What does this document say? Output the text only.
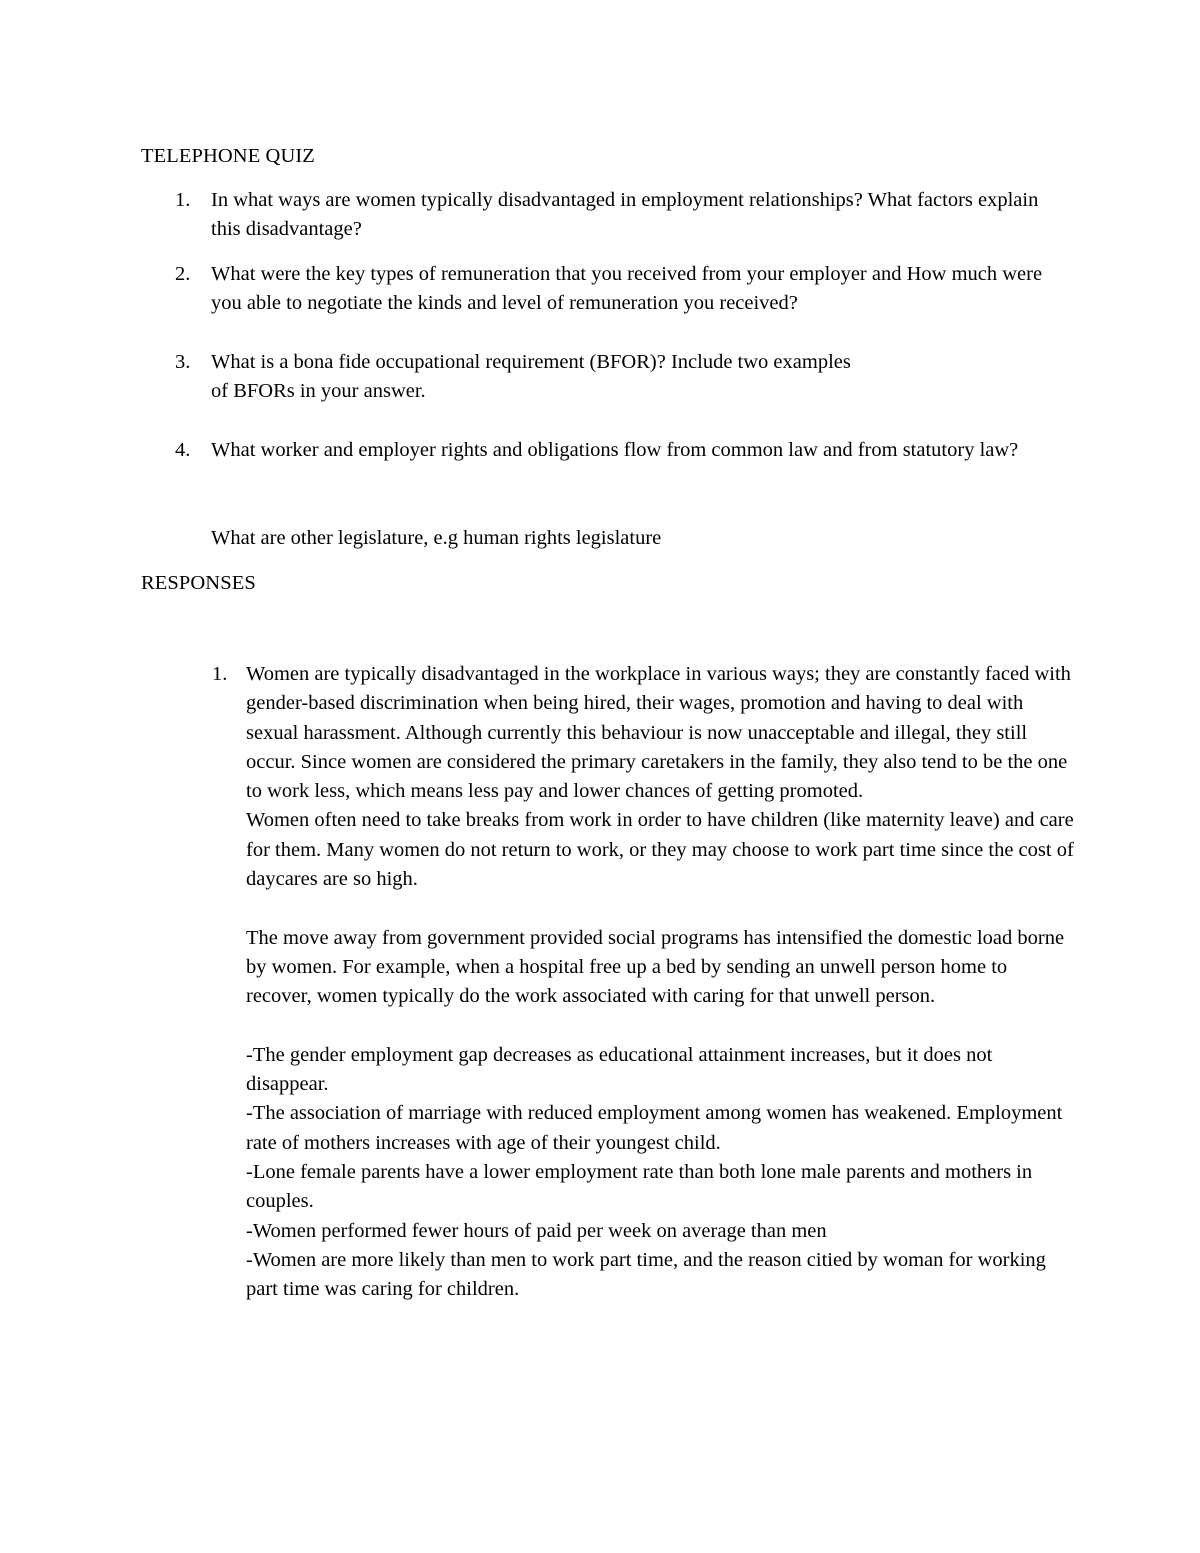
TELEPHONE QUIZ
1.	In what ways are women typically disadvantaged in employment relationships? What factors explain this disadvantage?
2.	What were the key types of remuneration that you received from your employer and How much were you able to negotiate the kinds and level of remuneration you received?
3.	What is a bona fide occupational requirement (BFOR)? Include two examples
of BFORs in your answer.
4.	What worker and employer rights and obligations flow from common law and from statutory law?
What are other legislature, e.g human rights legislature
RESPONSES
1. Women are typically disadvantaged in the workplace in various ways; they are constantly faced with gender-based discrimination when being hired, their wages, promotion and having to deal with sexual harassment. Although currently this behaviour is now unacceptable and illegal, they still occur. Since women are considered the primary caretakers in the family, they also tend to be the one to work less, which means less pay and lower chances of getting promoted.

Women often need to take breaks from work in order to have children (like maternity leave) and care for them. Many women do not return to work, or they may choose to work part time since the cost of daycares are so high.

The move away from government provided social programs has intensified the domestic load borne by women. For example, when a hospital free up a bed by sending an unwell person home to recover, women typically do the work associated with caring for that unwell person.

-The gender employment gap decreases as educational attainment increases, but it does not disappear.

-The association of marriage with reduced employment among women has weakened. Employment rate of mothers increases with age of their youngest child.

-Lone female parents have a lower employment rate than both lone male parents and mothers in couples.

-Women performed fewer hours of paid per week on average than men

-Women are more likely than men to work part time, and the reason citied by woman for working part time was caring for children.
